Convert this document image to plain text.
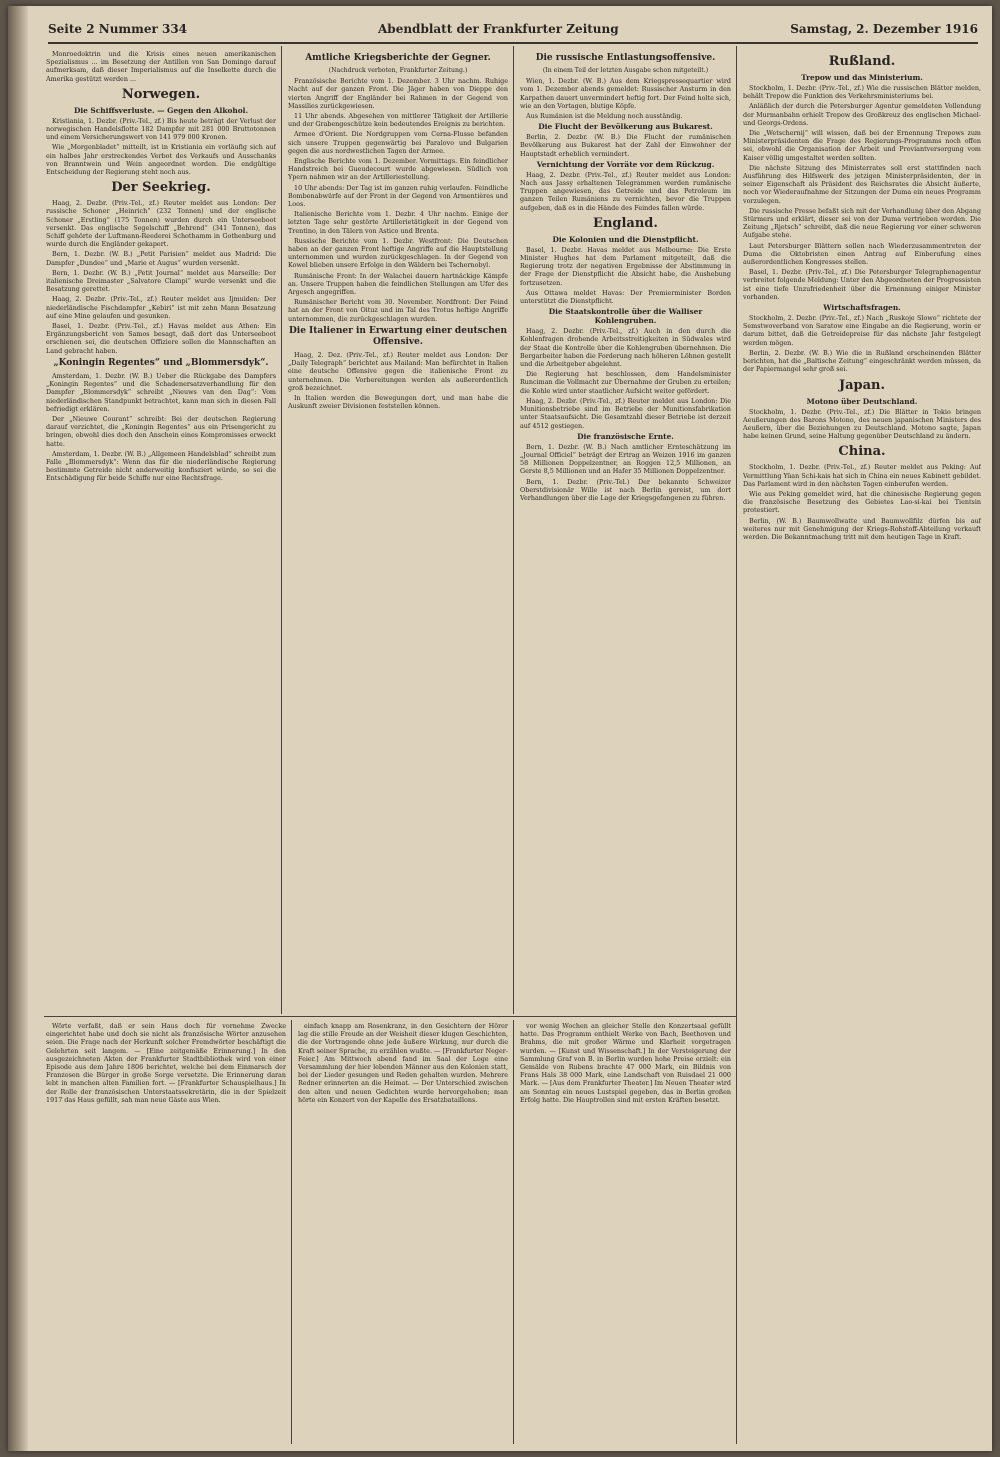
Seite 2 Nummer 334	Abendblatt der Frankfurter Zeitung	Samstag, 2. Dezember 1916

Monroedoktrin und die Krisis eines neuen amerikanischen Spezialismus ... im Besetzung der Antillen von San Domingo darauf aufmerksam, daß dieser Imperialismus auf die Inselkette durch die Amerika gestützt werden ...

Norwegen.
Die Schiffsverluste. — Gegen den Alkohol.

Kristiania, 1. Dezbr. (Priv.-Tel., zf.) Bis heute beträgt der Verlust der norwegischen Handelsflotte 182 Dampfer mit 281 000 Bruttotonnen und einem Versicherungswert von 141 979 000 Kronen.

Wie „Morgenbladet“ mitteilt, ist in Kristiania ein vorläufig sich auf ein halbes Jahr erstreckendes Verbot des Verkaufs und Ausschanks von Branntwein und Wein angeordnet worden. Die endgültige Entscheidung der Regierung steht noch aus.

Der Seekrieg.

Haag, 2. Dezbr. (Priv.-Tel., zf.) Reuter meldet aus London: Der russische Schoner „Heinrich“ (232 Tonnen) und der englische Schoner „Erstling“ (175 Tonnen) wurden durch ein Unterseeboot versenkt. Das englische Segelschiff „Behrend“ (341 Tonnen), das Schiff gehörte der Luftmann-Reederei Schothamm in Gothenburg und wurde durch die Engländer gekapert.

Bern, 1. Dezbr. (W. B.) „Petit Parisien“ meldet aus Madrid: Die Dampfer „Dundee“ und „Marie et Augus“ wurden versenkt.

Bern, 1. Dezbr. (W. B.) „Petit Journal“ meldet aus Marseille: Der italienische Dreimaster „Salvatore Clampi“ wurde versenkt und die Besatzung gerettet.

Haag, 2. Dezbr. (Priv.-Tel., zf.) Reuter meldet aus Ijmuiden: Der niederländische Fischdampfer „Kebiri“ ist mit zehn Mann Besatzung auf eine Mine gelaufen und gesunken.

Basel, 1. Dezbr. (Priv.-Tel., zf.) Havas meldet aus Athen: Ein Ergänzungsbericht von Samos besagt, daß dort das Unterseeboot erschienen sei, die deutschen Offiziere sollen die Mannschaften an Land gebracht haben.

„Koningin Regentes“ und „Blommersdyk“.

Amsterdam, 1. Dezbr. (W. B.) Ueber die Rückgabe des Dampfers „Koningin Regentes“ und die Schadenersatzverhandlung für den Dampfer „Blommersdyk“ schreibt „Nieuws van den Dag“: Vom niederländischen Standpunkt betrachtet, kann man sich in diesen Fall befriedigt erklären.

Der „Nieuwe Courant“ schreibt: Bei der deutschen Regierung darauf verzichtet, die „Koningin Regentes“ aus ein Prisengericht zu bringen, obwohl dies doch den Anschein eines Kompromisses erweckt hatte.

Amsterdam, 1. Dezbr. (W. B.) „Allgemeen Handelsblad“ schreibt zum Falle „Blommersdyk“: Wenn das für die niederländische Regierung bestimmte Getreide nicht anderweitig konfisziert würde, so sei die Entschädigung für beide Schiffe nur eine Rechtsfrage.

Amtliche Kriegsberichte der Gegner.
(Nachdruck verboten, Frankfurter Zeitung.)

Französische Berichte vom 1. Dezember. 3 Uhr nachm. Ruhige Nacht auf der ganzen Front. Die Jäger haben von Dieppe den vierten Angriff der Engländer bei Rahmen in der Gegend von Massilies zurückgewiesen.

11 Uhr abends. Abgesehen von mittlerer Tätigkeit der Artillerie und der Grabengeschütze kein bedeutendes Ereignis zu berichten.

Armee d'Orient. Die Nordgruppen vom Cerna-Flusse befanden sich unsere Truppen gegenwärtig bei Paralovo und Bulgarien gegen die aus nordwestlichen Tagen der Armee.

Englische Berichte vom 1. Dezember. Vormittags. Ein feindlicher Handstreich bei Gueudecourt wurde abgewiesen. Südlich von Ypern nahmen wir an der Artilleriestellung.

10 Uhr abends: Der Tag ist im ganzen ruhig verlaufen. Feindliche Bombenabwürfe auf der Front in der Gegend von Armentières und Loos.

Italienische Berichte vom 1. Dezbr. 4 Uhr nachm. Einige der letzten Tage sehr gestörte Artillerietätigkeit in der Gegend von Trentino, in den Tälern von Astico und Brenta.

Russische Berichte vom 1. Dezbr. Westfront: Die Deutschen haben an der ganzen Front heftige Angriffe auf die Hauptstellung unternommen und wurden zurückgeschlagen. In der Gegend von Kowel blieben unsere Erfolge in den Wäldern bei Tschernobyl.

Rumänische Front: In der Walachei dauern hartnäckige Kämpfe an. Unsere Truppen haben die feindlichen Stellungen am Ufer des Argesch angegriffen.

Rumänischer Bericht vom 30. November. Nordfront: Der Feind hat an der Front von Oituz und im Tal des Trotus heftige Angriffe unternommen, die zurückgeschlagen wurden.

Die Italiener in Erwartung einer deutschen Offensive.

Haag, 2. Dez. (Priv.-Tel., zf.) Reuter meldet aus London: Der „Daily Telegraph“ berichtet aus Mailand: Man befürchtet in Italien eine deutsche Offensive gegen die italienische Front zu unternehmen. Die Vorbereitungen werden als außerordentlich groß bezeichnet.

In Italien werden die Bewegungen dort, und man habe die Auskunft zweier Divisionen feststellen können.

Die russische Entlastungsoffensive.
(In einem Teil der letzten Ausgabe schon mitgeteilt.)

Wien, 1. Dezbr. (W. B.) Aus dem Kriegspressequartier wird vom 1. Dezember abends gemeldet: Russischer Ansturm in den Karpathen dauert unvermindert heftig fort. Der Feind holte sich, wie an den Vortagen, blutige Köpfe.

Aus Rumänien ist die Meldung noch ausständig.

Die Flucht der Bevölkerung aus Bukarest.

Berlin, 2. Dezbr. (W. B.) Die Flucht der rumänischen Bevölkerung aus Bukarest hat der Zahl der Einwohner der Hauptstadt erheblich vermindert.

Vernichtung der Vorräte vor dem Rückzug.

Haag, 2. Dezbr. (Priv.-Tel., zf.) Reuter meldet aus London: Nach aus Jassy erhaltenen Telegrammen werden rumänische Truppen angewiesen, das Getreide und das Petroleum im ganzen Teilen Rumäniens zu vernichten, bevor die Truppen aufgeben, daß es in die Hände des Feindes fallen würde.

England.
Die Kolonien und die Dienstpflicht.

Basel, 1. Dezbr. Havas meldet aus Melbourne: Die Erste Minister Hughes hat dem Parlament mitgeteilt, daß die Regierung trotz der negativen Ergebnisse der Abstimmung in der Frage der Dienstpflicht die Absicht habe, die Aushebung fortzusetzen.

Aus Ottawa meldet Havas: Der Premierminister Borden unterstützt die Dienstpflicht.

Die Staatskontrolle über die Walliser Kohlengruben.

Haag, 2. Dezbr. (Priv.-Tel., zf.) Auch in den durch die Kohlenfragen drohende Arbeitsstreitigkeiten in Südwales wird der Staat die Kontrolle über die Kohlengruben übernehmen. Die Bergarbeiter haben die Forderung nach höheren Löhnen gestellt und die Arbeitgeber abgelehnt.

Die Regierung hat beschlossen, dem Handelsminister Runciman die Vollmacht zur Übernahme der Gruben zu erteilen; die Kohle wird unter staatlicher Aufsicht weiter gefördert.

Haag, 2. Dezbr. (Priv.-Tel., zf.) Reuter meldet aus London: Die Munitionsbetriebe sind im Betriebe der Munitionsfabrikation unter Staatsaufsicht. Die Gesamtzahl dieser Betriebe ist derzeit auf 4512 gestiegen.

Die französische Ernte.

Bern, 1. Dezbr. (W. B.) Nach amtlicher Ernteschätzung im „Journal Officiel“ beträgt der Ertrag an Weizen 1916 im ganzen 58 Millionen Doppelzentner, an Roggen 12,5 Millionen, an Gerste 8,5 Millionen und an Hafer 35 Millionen Doppelzentner.

Bern, 1. Dezbr. (Priv.-Tel.) Der bekannte Schweizer Oberstdivisionär Wille ist nach Berlin gereist, um dort Verhandlungen über die Lage der Kriegsgefangenen zu führen.

Rußland.
Trepow und das Ministerium.

Stockholm, 1. Dezbr. (Priv.-Tel., zf.) Wie die russischen Blätter melden, behält Trepow die Funktion des Verkehrsministeriums bei.

Anläßlich der durch die Petersburger Agentur gemeldeten Vollendung der Murmanbahn erhielt Trepow des Großkreuz des englischen Michael- und Georgs-Ordens.

Die „Wetschernij“ will wissen, daß bei der Ernennung Trepows zum Ministerpräsidenten die Frage des Regierungs-Programms noch offen sei, obwohl die Organisation der Arbeit und Proviantversorgung vom Kaiser völlig umgestaltet werden sollten.

Die nächste Sitzung des Ministerrates soll erst stattfinden nach Ausführung des Hilfswerk des jetzigen Ministerpräsidenten, der in seiner Eigenschaft als Präsident des Reichsrates die Absicht äußerte, noch vor Wiederaufnahme der Sitzungen der Duma ein neues Programm vorzulegen.

Die russische Presse befaßt sich mit der Verhandlung über den Abgang Stürmers und erklärt, dieser sei von der Duma vertrieben worden. Die Zeitung „Rjetsch“ schreibt, daß die neue Regierung vor einer schweren Aufgabe stehe.

Laut Petersburger Blättern sollen nach Wiederzusammentreten der Duma die Oktobristen einen Antrag auf Einberufung eines außerordentlichen Kongresses stellen.

Basel, 1. Dezbr. (Priv.-Tel., zf.) Die Petersburger Telegraphenagentur verbreitet folgende Meldung: Unter den Abgeordneten der Progressisten ist eine tiefe Unzufriedenheit über die Ernennung einiger Minister vorhanden.

Wirtschaftsfragen.

Stockholm, 2. Dezbr. (Priv.-Tel., zf.) Nach „Ruskoje Slowo“ richtete der Semstwoverband von Saratow eine Eingabe an die Regierung, worin er darum bittet, daß die Getreidepreise für das nächste Jahr festgelegt werden mögen.

Berlin, 2. Dezbr. (W. B.) Wie die in Rußland erscheinenden Blätter berichten, hat die „Baltische Zeitung“ eingeschränkt werden müssen, da der Papiermangel sehr groß sei.

Japan.
Motono über Deutschland.

Stockholm, 1. Dezbr. (Priv.-Tel., zf.) Die Blätter in Tokio bringen Aeußerungen des Barons Motono, des neuen japanischen Ministers des Aeußern, über die Beziehungen zu Deutschland. Motono sagte, Japan habe keinen Grund, seine Haltung gegenüber Deutschland zu ändern.

China.

Stockholm, 1. Dezbr. (Priv.-Tel., zf.) Reuter meldet aus Peking: Auf Vermittlung Yüan Schi-kais hat sich in China ein neues Kabinett gebildet. Das Parlament wird in den nächsten Tagen einberufen werden.

Wie aus Peking gemeldet wird, hat die chinesische Regierung gegen die französische Besetzung des Gebietes Lao-si-kai bei Tientsin protestiert.

Berlin, (W. B.) Baumwollwatte und Baumwollfilz dürfen bis auf weiteres nur mit Genehmigung der Kriegs-Rohstoff-Abteilung verkauft werden. Die Bekanntmachung tritt mit dem heutigen Tage in Kraft.

Wörte verfaßt, daß er sein Haus doch für vornehme Zwecke eingerichtet habe und doch sie nicht als französische Wörter anzusehen seien. Die Frage nach der Herkunft solcher Fremdwörter beschäftigt die Gelehrten seit langem. — [Eine zeitgemäße Erinnerung.] In den ausgezeichneten Akten der Frankfurter Stadtbibliothek wird von einer Episode aus dem Jahre 1806 berichtet, welche bei dem Einmarsch der Franzosen die Bürger in große Sorge versetzte. Die Erinnerung daran lebt in manchen alten Familien fort. — [Frankfurter Schauspielhaus.] In der Rolle der französischen Unterstaatssekretärin, die in der Spielzeit 1917 das Haus gefüllt, sah man neue Gäste aus Wien.

einfach knapp am Rosenkranz, in den Gesichtern der Hörer lag die stille Freude an der Weisheit dieser klugen Geschichten, die der Vortragende ohne jede äußere Wirkung, nur durch die Kraft seiner Sprache, zu erzählen wußte. — [Frankfurter Neger-Feier.] Am Mittwoch abend fand im Saal der Loge eine Versammlung der hier lebenden Männer aus den Kolonien statt, bei der Lieder gesungen und Reden gehalten wurden. Mehrere Redner erinnerten an die Heimat. — Der Unterschied zwischen den alten und neuen Gedichten wurde hervorgehoben; man hörte ein Konzert von der Kapelle des Ersatzbataillons.

vor wenig Wochen an gleicher Stelle den Konzertsaal gefüllt hatte. Das Programm enthielt Werke von Bach, Beethoven und Brahms, die mit großer Wärme und Klarheit vorgetragen wurden. — [Kunst und Wissenschaft.] In der Versteigerung der Sammlung Graf von B. in Berlin wurden hohe Preise erzielt: ein Gemälde von Rubens brachte 47 000 Mark, ein Bildnis von Frans Hals 38 000 Mark, eine Landschaft von Ruisdael 21 000 Mark. — [Aus dem Frankfurter Theater.] Im Neuen Theater wird am Sonntag ein neues Lustspiel gegeben, das in Berlin großen Erfolg hatte. Die Hauptrollen sind mit ersten Kräften besetzt.
